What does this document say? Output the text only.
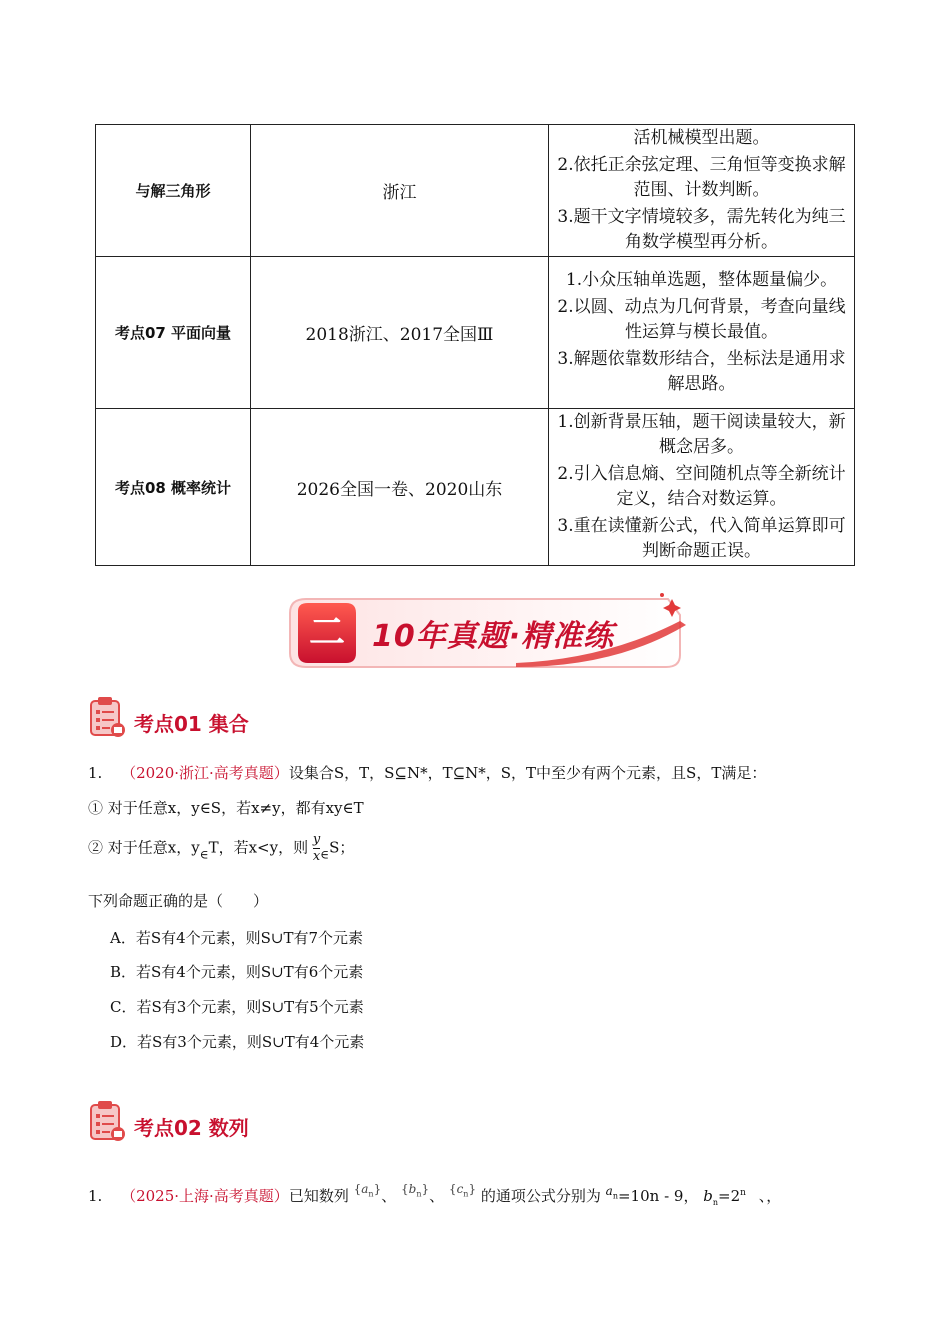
与解三角形	浙江	活机械模型出题。

2.依托正余弦定理、三角恒等变换求解范围、计数判断。

3.题干文字情境较多，需先转化为纯三角数学模型再分析。

考点07 平面向量	2018浙江、2017全国Ⅲ	1.小众压轴单选题，整体题量偏少。

2.以圆、动点为几何背景，考查向量线性运算与模长最值。

3.解题依靠数形结合，坐标法是通用求解思路。

考点08 概率统计	2026全国一卷、2020山东	1.创新背景压轴，题干阅读量较大，新概念居多。

2.引入信息熵、空间随机点等全新统计定义，结合对数运算。

3.重在读懂新公式，代入简单运算即可判断命题正误。

二 10年真题·精准练
考点01 集合
1. （2020·浙江·高考真题）设集合S，T，S⊆N*，T⊆N*，S，T中至少有两个元素，且S，T满足：
① 对于任意x，y∈S，若x≠y，都有xy∈T
② 对于任意x，$y_\in T$，若x<y，则 $\frac{y}{x} _\in S$；
下列命题正确的是（　　）
A．若S有4个元素，则S∪T有7个元素
B．若S有4个元素，则S∪T有6个元素
C．若S有3个元素，则S∪T有5个元素
D．若S有3个元素，则S∪T有4个元素
考点02 数列
1. （2025·上海·高考真题）已知数列 $\{a_n\}$、 $\{b_n\}$、 $\{c_n\}$ 的通项公式分别为 $^{a_n}$=10n - 9， $b_n=2^n$ 、，
